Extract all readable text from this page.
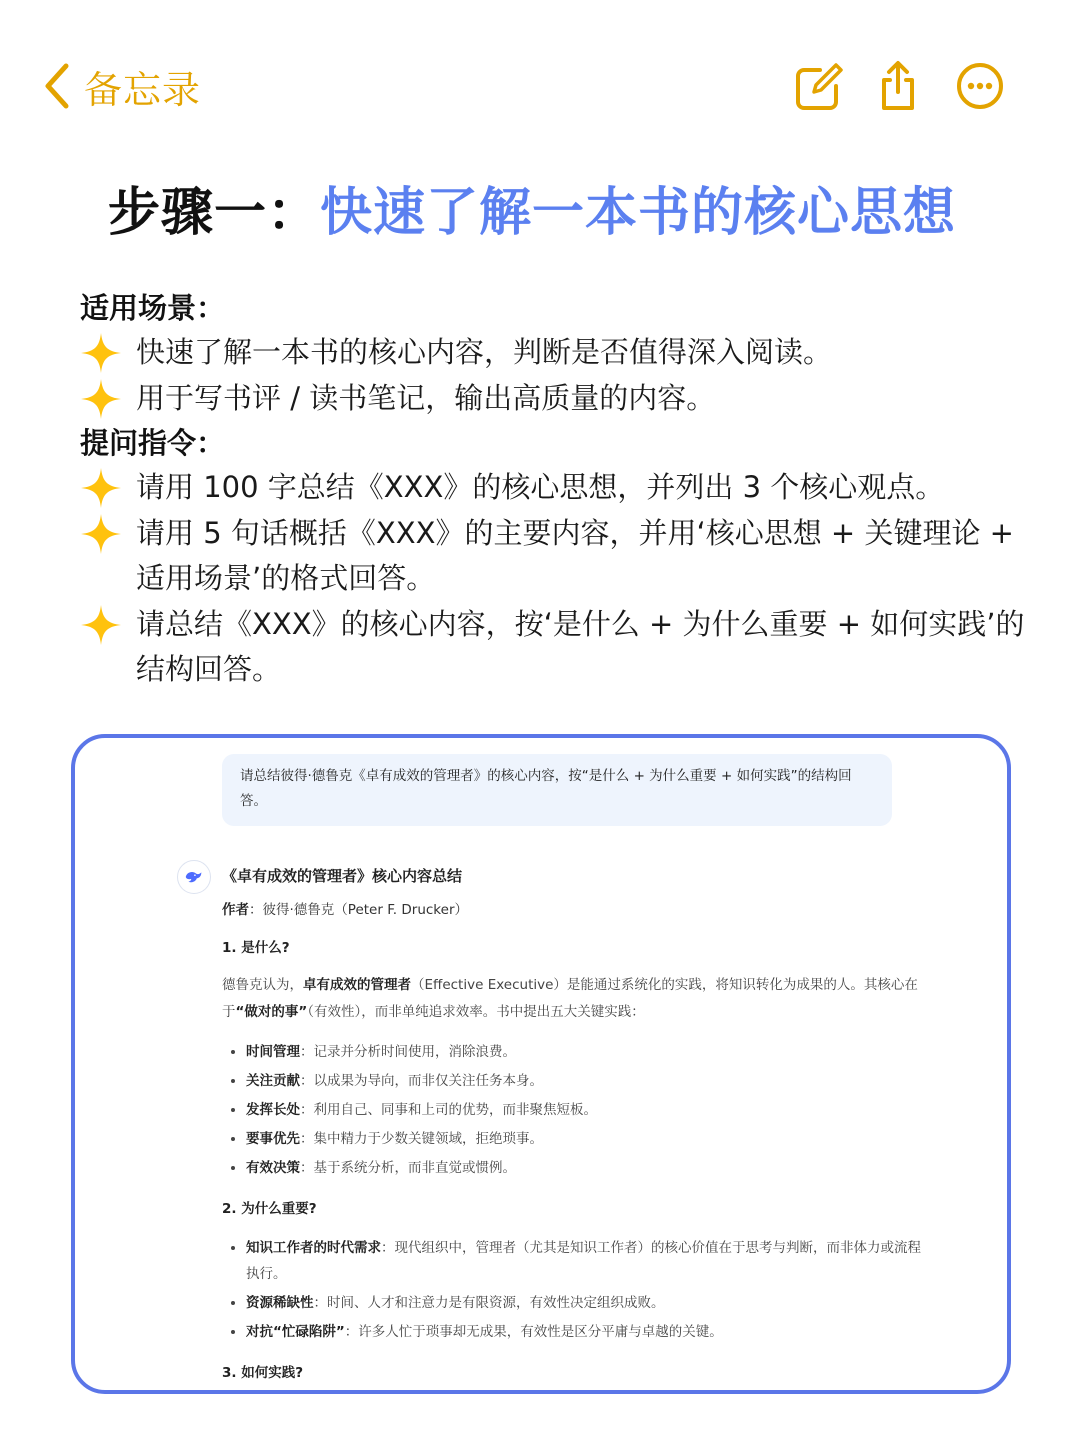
备忘录
步骤一：快速了解一本书的核心思想
适用场景：
快速了解一本书的核心内容，判断是否值得深入阅读。
用于写书评 / 读书笔记，输出高质量的内容。
提问指令：
请用 100 字总结《XXX》的核心思想，并列出 3 个核心观点。
请用 5 句话概括《XXX》的主要内容，并用‘核心思想 + 关键理论 + 适用场景’的格式回答。
请总结《XXX》的核心内容，按‘是什么 + 为什么重要 + 如何实践’的结构回答。
请总结彼得·德鲁克《卓有成效的管理者》的核心内容，按“是什么 + 为什么重要 + 如何实践”的结构回答。
《卓有成效的管理者》核心内容总结
作者：彼得·德鲁克（Peter F. Drucker）
1. 是什么?
德鲁克认为，卓有成效的管理者（Effective Executive）是能通过系统化的实践，将知识转化为成果的人。其核心在于“做对的事”（有效性），而非单纯追求效率。书中提出五大关键实践：
• 时间管理：记录并分析时间使用，消除浪费。
• 关注贡献：以成果为导向，而非仅关注任务本身。
• 发挥长处：利用自己、同事和上司的优势，而非聚焦短板。
• 要事优先：集中精力于少数关键领域，拒绝琐事。
• 有效决策：基于系统分析，而非直觉或惯例。
2. 为什么重要?
• 知识工作者的时代需求：现代组织中，管理者（尤其是知识工作者）的核心价值在于思考与判断，而非体力或流程执行。
• 资源稀缺性：时间、人才和注意力是有限资源，有效性决定组织成败。
• 对抗“忙碌陷阱”：许多人忙于琐事却无成果，有效性是区分平庸与卓越的关键。
3. 如何实践?
